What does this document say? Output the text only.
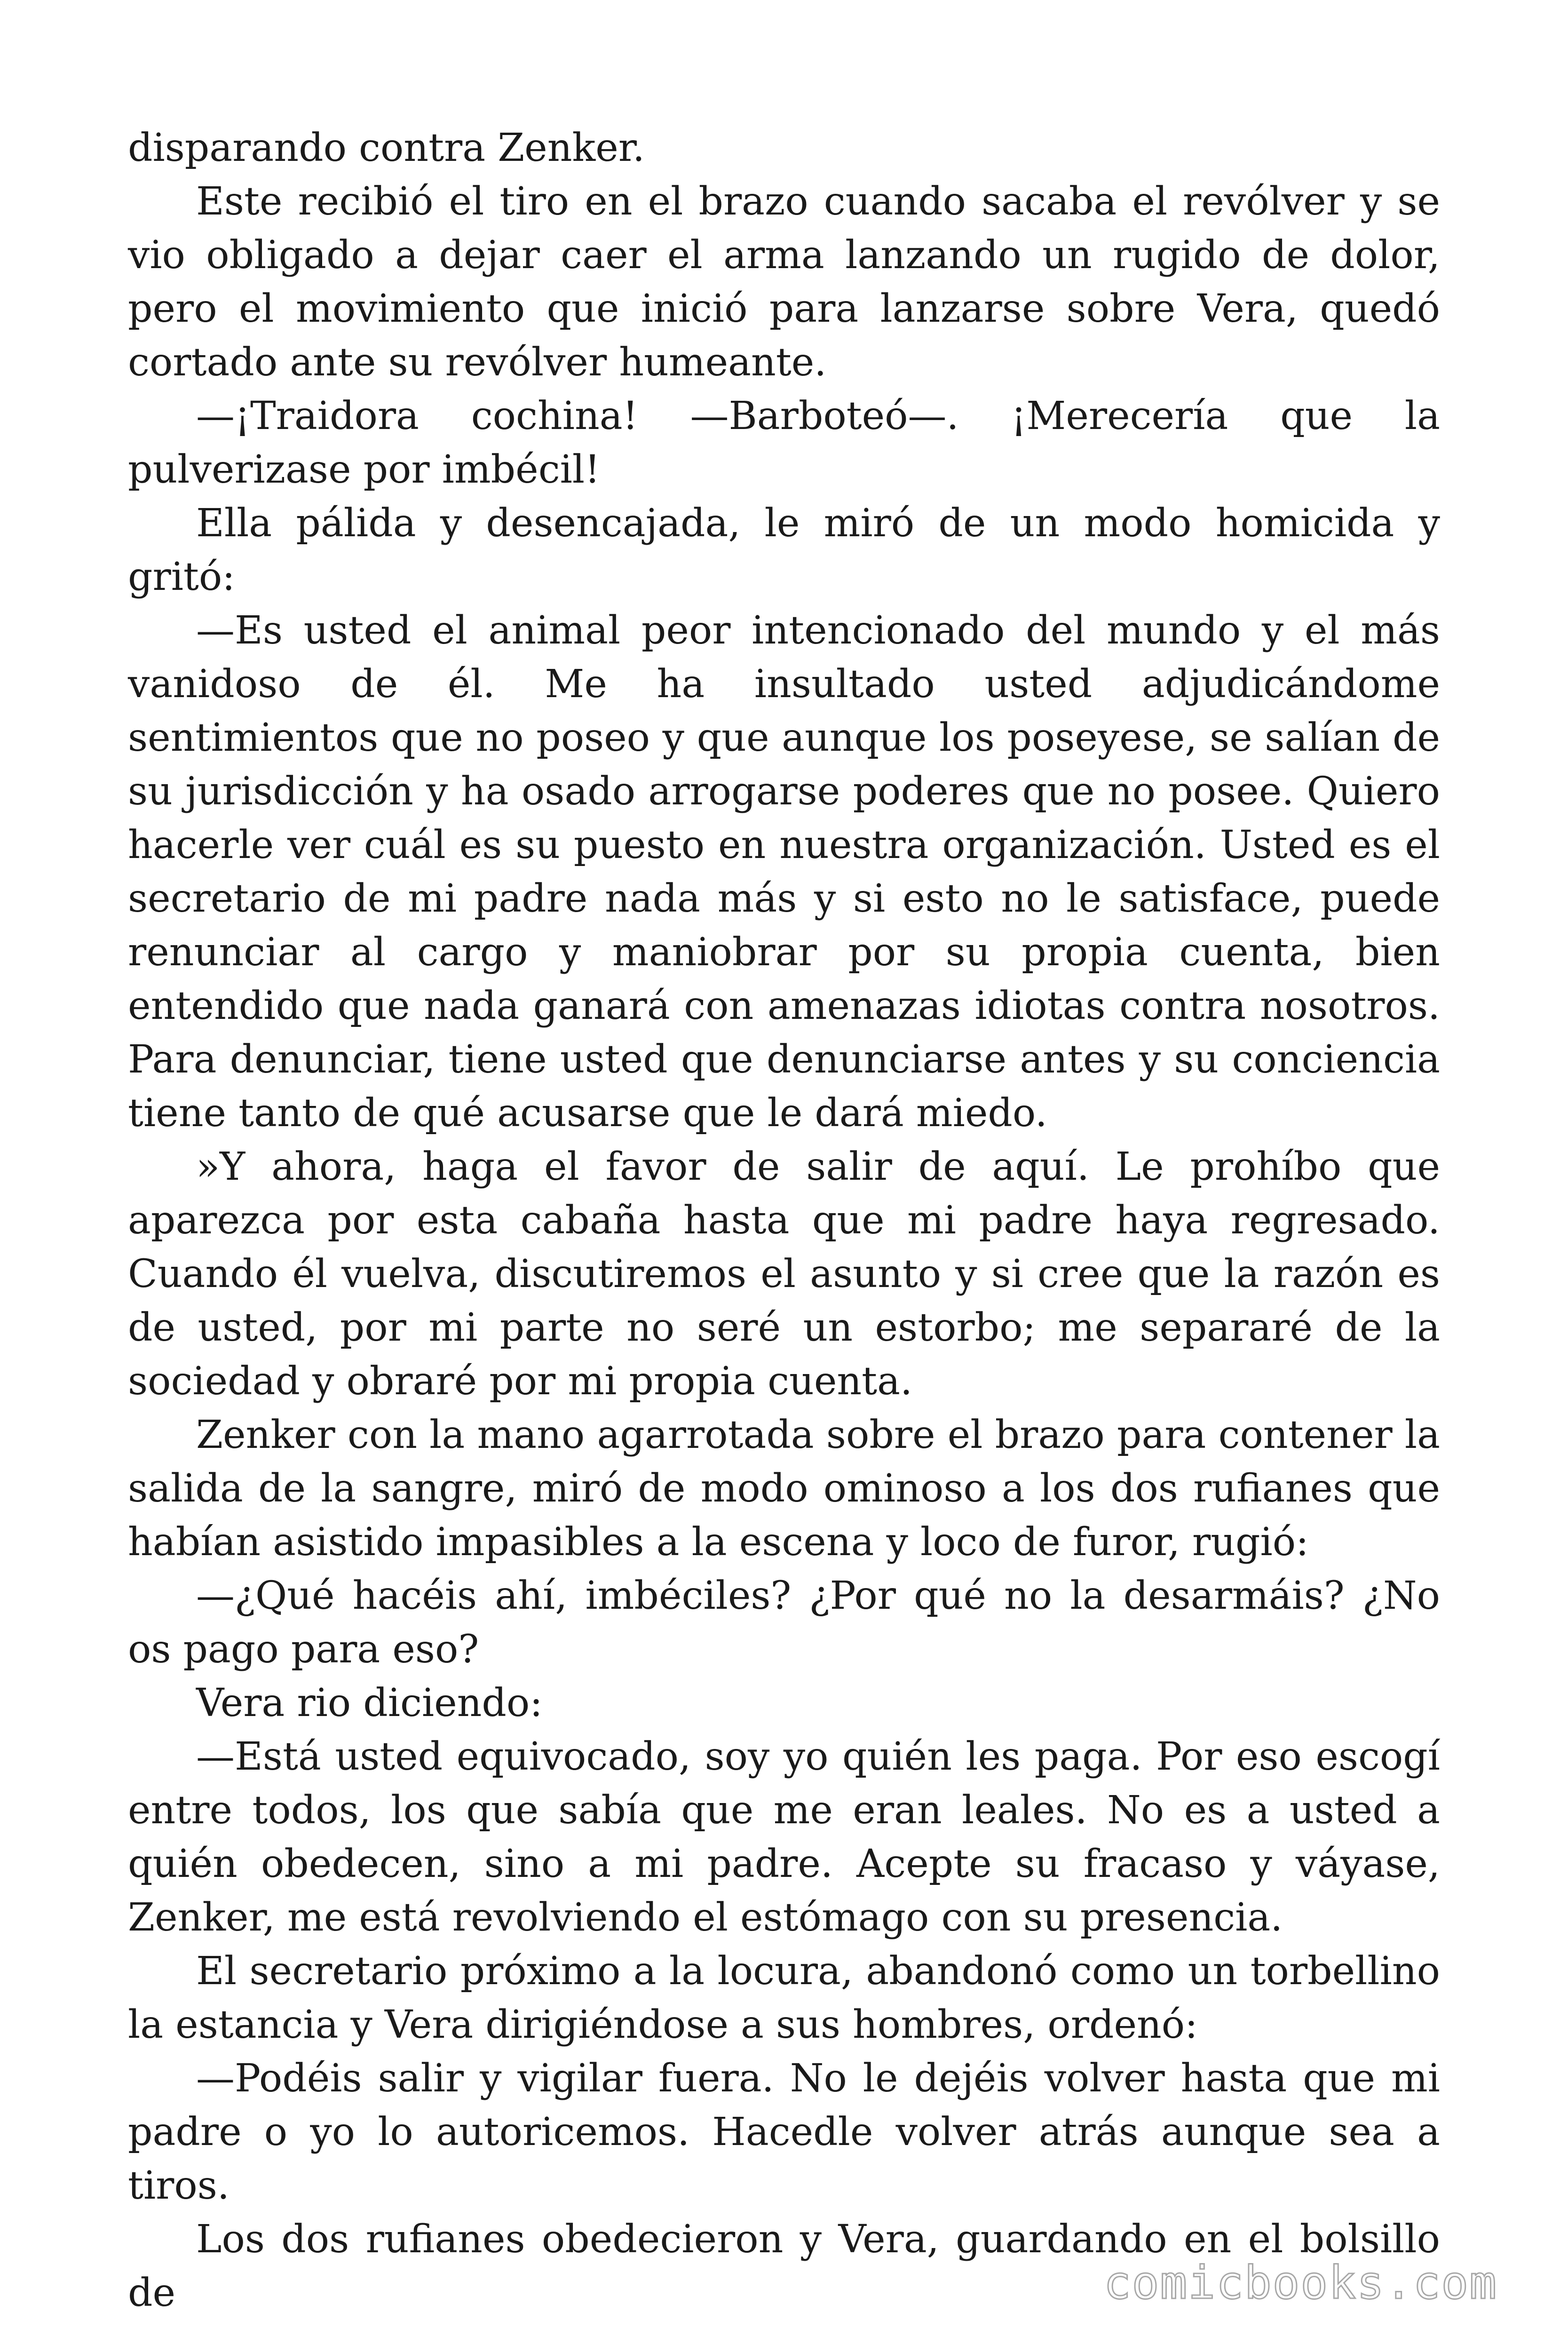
disparando contra Zenker.

Este recibió el tiro en el brazo cuando sacaba el revólver y se vio obligado a dejar caer el arma lanzando un rugido de dolor, pero el movimiento que inició para lanzarse sobre Vera, quedó cortado ante su revólver humeante.

—¡Traidora cochina! —Barboteó—. ¡Merecería que la pulverizase por imbécil!

Ella pálida y desencajada, le miró de un modo homicida y gritó:

—Es usted el animal peor intencionado del mundo y el más vanidoso de él. Me ha insultado usted adjudicándome sentimientos que no poseo y que aunque los poseyese, se salían de su jurisdicción y ha osado arrogarse poderes que no posee. Quiero hacerle ver cuál es su puesto en nuestra organización. Usted es el secretario de mi padre nada más y si esto no le satisface, puede renunciar al cargo y maniobrar por su propia cuenta, bien entendido que nada ganará con amenazas idiotas contra nosotros. Para denunciar, tiene usted que denunciarse antes y su conciencia tiene tanto de qué acusarse que le dará miedo.

»Y ahora, haga el favor de salir de aquí. Le prohíbo que aparezca por esta cabaña hasta que mi padre haya regresado. Cuando él vuelva, discutiremos el asunto y si cree que la razón es de usted, por mi parte no seré un estorbo; me separaré de la sociedad y obraré por mi propia cuenta.

Zenker con la mano agarrotada sobre el brazo para contener la salida de la sangre, miró de modo ominoso a los dos rufianes que habían asistido impasibles a la escena y loco de furor, rugió:

—¿Qué hacéis ahí, imbéciles? ¿Por qué no la desarmáis? ¿No os pago para eso?

Vera rio diciendo:

—Está usted equivocado, soy yo quién les paga. Por eso escogí entre todos, los que sabía que me eran leales. No es a usted a quién obedecen, sino a mi padre. Acepte su fracaso y váyase, Zenker, me está revolviendo el estómago con su presencia.

El secretario próximo a la locura, abandonó como un torbellino la estancia y Vera dirigiéndose a sus hombres, ordenó:

—Podéis salir y vigilar fuera. No le dejéis volver hasta que mi padre o yo lo autoricemos. Hacedle volver atrás aunque sea a tiros.

Los dos rufianes obedecieron y Vera, guardando en el bolsillo de	comicbooks.com
